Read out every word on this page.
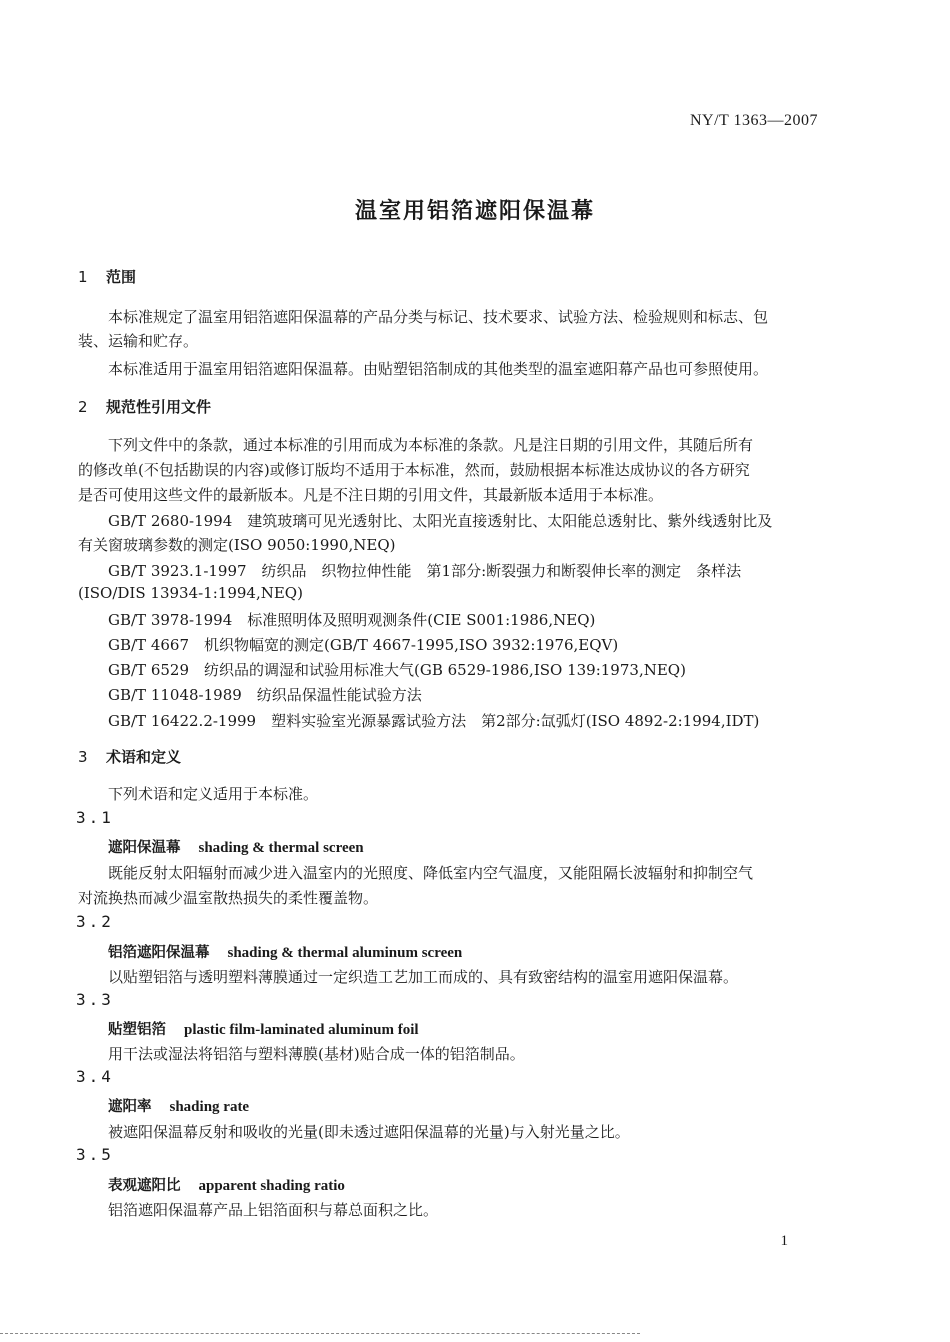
NY/T 1363—2007
温室用铝箔遮阳保温幕
1 范围
本标准规定了温室用铝箔遮阳保温幕的产品分类与标记、技术要求、试验方法、检验规则和标志、包
装、运输和贮存。
本标准适用于温室用铝箔遮阳保温幕。由贴塑铝箔制成的其他类型的温室遮阳幕产品也可参照使用。
2 规范性引用文件
下列文件中的条款，通过本标准的引用而成为本标准的条款。凡是注日期的引用文件，其随后所有
的修改单(不包括勘误的内容)或修订版均不适用于本标准，然而，鼓励根据本标准达成协议的各方研究
是否可使用这些文件的最新版本。凡是不注日期的引用文件，其最新版本适用于本标准。
GB/T 2680-1994　建筑玻璃可见光透射比、太阳光直接透射比、太阳能总透射比、紫外线透射比及
有关窗玻璃参数的测定(ISO 9050:1990,NEQ)
GB/T 3923.1-1997　纺织品　织物拉伸性能　第1部分:断裂强力和断裂伸长率的测定　条样法
(ISO/DIS 13934-1:1994,NEQ)
GB/T 3978-1994　标准照明体及照明观测条件(CIE S001:1986,NEQ)
GB/T 4667　机织物幅宽的测定(GB/T 4667-1995,ISO 3932:1976,EQV)
GB/T 6529　纺织品的调湿和试验用标准大气(GB 6529-1986,ISO 139:1973,NEQ)
GB/T 11048-1989　纺织品保温性能试验方法
GB/T 16422.2-1999　塑料实验室光源暴露试验方法　第2部分:氙弧灯(ISO 4892-2:1994,IDT)
3 术语和定义
下列术语和定义适用于本标准。
3.1
遮阳保温幕 shading & thermal screen
既能反射太阳辐射而减少进入温室内的光照度、降低室内空气温度，又能阻隔长波辐射和抑制空气
对流换热而减少温室散热损失的柔性覆盖物。
3.2
铝箔遮阳保温幕 shading & thermal aluminum screen
以贴塑铝箔与透明塑料薄膜通过一定织造工艺加工而成的、具有致密结构的温室用遮阳保温幕。
3.3
贴塑铝箔 plastic film-laminated aluminum foil
用干法或湿法将铝箔与塑料薄膜(基材)贴合成一体的铝箔制品。
3.4
遮阳率 shading rate
被遮阳保温幕反射和吸收的光量(即未透过遮阳保温幕的光量)与入射光量之比。
3.5
表观遮阳比 apparent shading ratio
铝箔遮阳保温幕产品上铝箔面积与幕总面积之比。
1
